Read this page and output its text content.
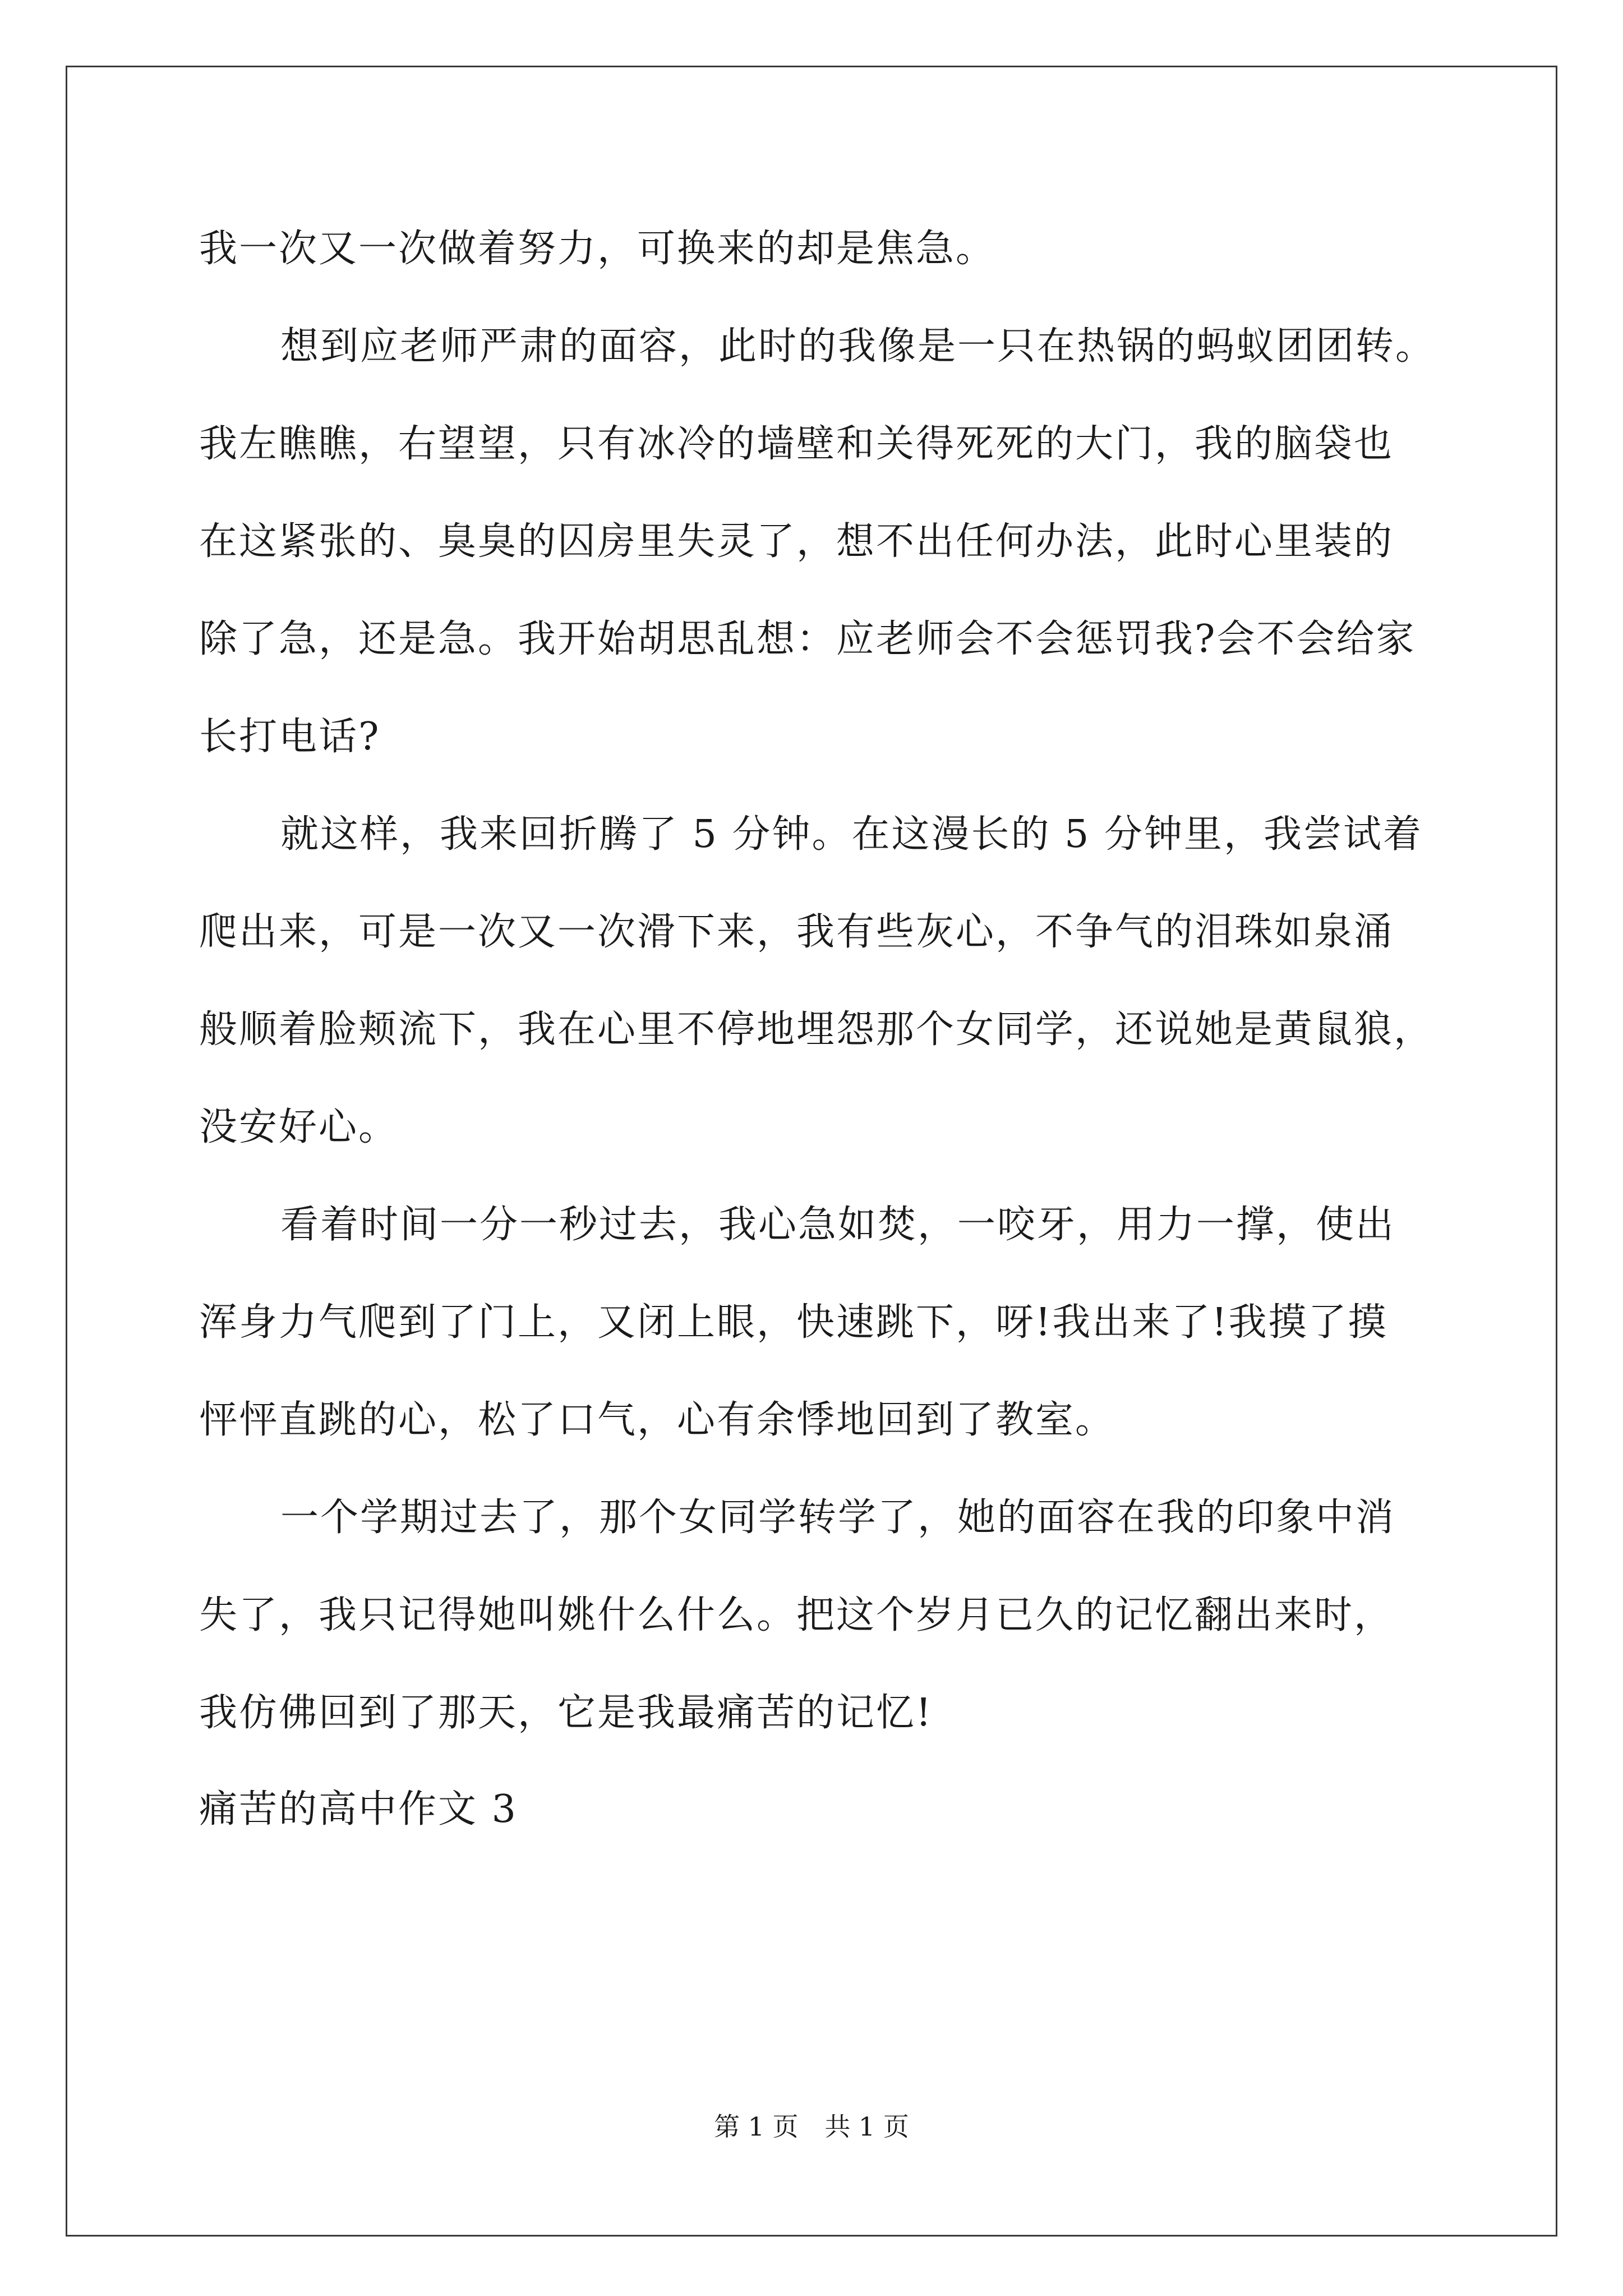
我一次又一次做着努力，可换来的却是焦急。
想到应老师严肃的面容，此时的我像是一只在热锅的蚂蚁团团转。
我左瞧瞧，右望望，只有冰冷的墙壁和关得死死的大门，我的脑袋也
在这紧张的、臭臭的囚房里失灵了，想不出任何办法，此时心里装的
除了急，还是急。我开始胡思乱想：应老师会不会惩罚我?会不会给家
长打电话?
就这样，我来回折腾了 5 分钟。在这漫长的 5 分钟里，我尝试着
爬出来，可是一次又一次滑下来，我有些灰心，不争气的泪珠如泉涌
般顺着脸颊流下，我在心里不停地埋怨那个女同学，还说她是黄鼠狼，
没安好心。
看着时间一分一秒过去，我心急如焚，一咬牙，用力一撑，使出
浑身力气爬到了门上，又闭上眼，快速跳下，呀!我出来了!我摸了摸
怦怦直跳的心，松了口气，心有余悸地回到了教室。
一个学期过去了，那个女同学转学了，她的面容在我的印象中消
失了，我只记得她叫姚什么什么。把这个岁月已久的记忆翻出来时，
我仿佛回到了那天，它是我最痛苦的记忆!
痛苦的高中作文 3
第 1 页 共 1 页
